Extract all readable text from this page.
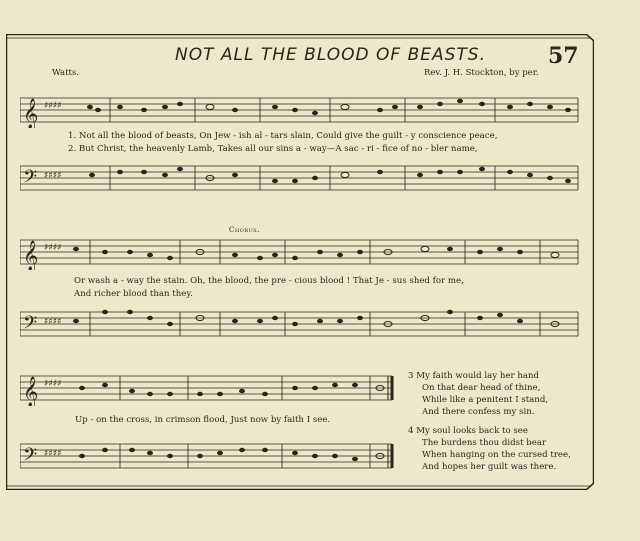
NOT ALL THE BLOOD OF BEASTS.	57
Watts.	Rev. J. H. Stockton, by per.
𝄞 ♯♯♯♯
1. Not all the blood of beasts, On Jew - ish al - tars slain, Could give the guilt - y conscience peace,
2. But Christ, the heavenly Lamb, Takes all our sins a - way—A sac - ri - fice of no - bler name,
𝄢 ♯♯♯♯
Chorus.
𝄞 ♯♯♯♯
Or wash a - way the stain. Oh, the blood, the pre - cious blood ! That Je - sus shed for me,
And richer blood than they.
𝄢 ♯♯♯♯
𝄞 ♯♯♯♯
Up - on the cross, in crimson flood, Just now by faith I see.
𝄢 ♯♯♯♯
3 My faith would lay her hand
On that dear head of thine,
While like a penitent I stand,
And there confess my sin.
4 My soul looks back to see
The burdens thou didst bear
When hanging on the cursed tree,
And hopes her guilt was there.
